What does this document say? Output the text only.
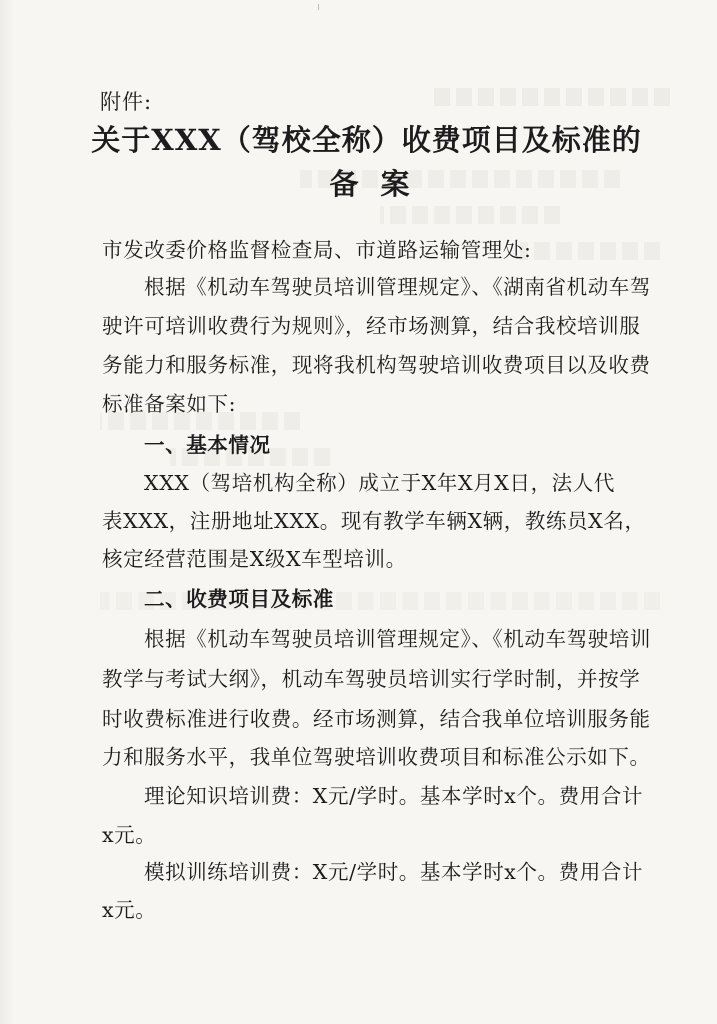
附件:
关于XXX（驾校全称）收费项目及标准的
备案
市发改委价格监督检查局、市道路运输管理处:
根据《机动车驾驶员培训管理规定》、《湖南省机动车驾
驶许可培训收费行为规则》，经市场测算，结合我校培训服
务能力和服务标准，现将我机构驾驶培训收费项目以及收费
标准备案如下:
一、基本情况
XXX（驾培机构全称）成立于X年X月X日，法人代
表XXX，注册地址XXX。现有教学车辆X辆，教练员X名，
核定经营范围是X级X车型培训。
二、收费项目及标准
根据《机动车驾驶员培训管理规定》、《机动车驾驶培训
教学与考试大纲》，机动车驾驶员培训实行学时制，并按学
时收费标准进行收费。经市场测算，结合我单位培训服务能
力和服务水平，我单位驾驶培训收费项目和标准公示如下。
理论知识培训费：X元/学时。基本学时x个。费用合计
x元。
模拟训练培训费：X元/学时。基本学时x个。费用合计
x元。
